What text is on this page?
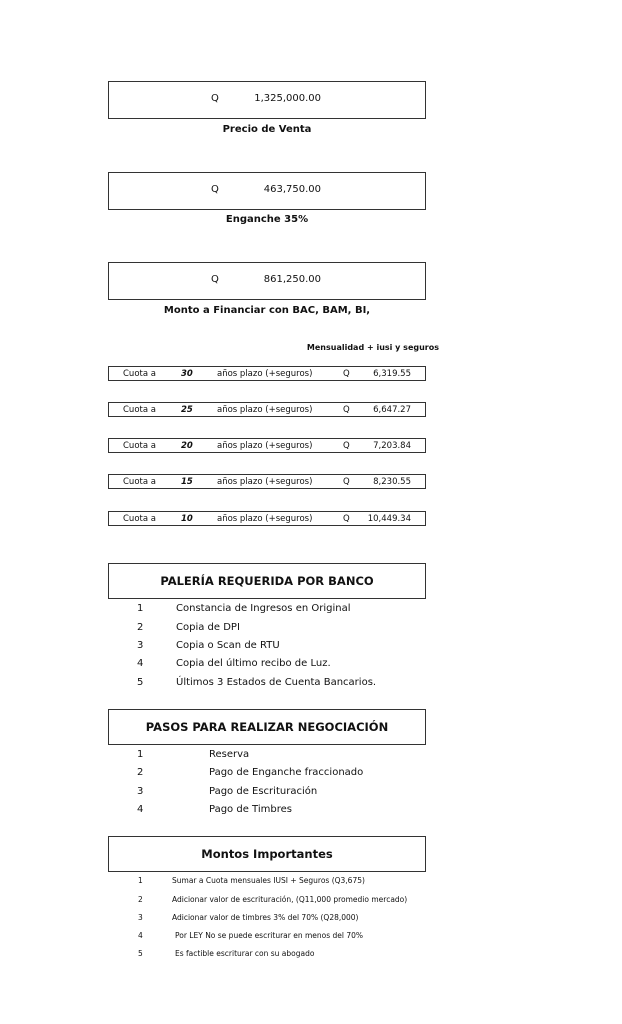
Q	1,325,000.00
Precio de Venta
Q	463,750.00
Enganche 35%
Q	861,250.00
Monto a Financiar con BAC, BAM, BI,
Mensualidad + iusi y seguros
Cuota a	30	años plazo (+seguros)	Q	6,319.55
Cuota a	25	años plazo (+seguros)	Q	6,647.27
Cuota a	20	años plazo (+seguros)	Q	7,203.84
Cuota a	15	años plazo (+seguros)	Q	8,230.55
Cuota a	10	años plazo (+seguros)	Q 10,449.34
PALERÍA REQUERIDA POR BANCO
1	Constancia de Ingresos en Original
2	Copia de DPI
3	Copia o Scan de RTU
4	Copia del último recibo de Luz.
5	Últimos 3 Estados de Cuenta Bancarios.
PASOS PARA REALIZAR NEGOCIACIÓN
1	Reserva
2	Pago de Enganche fraccionado
3	Pago de Escrituración
4	Pago de Timbres
Montos Importantes
1	Sumar a Cuota mensuales IUSI + Seguros (Q3,675)
2	Adicionar valor de escrituración, (Q11,000 promedio mercado)
3	Adicionar valor de timbres 3% del 70% (Q28,000)
4	Por LEY No se puede escriturar en menos del 70%
5	Es factible escriturar con su abogado
